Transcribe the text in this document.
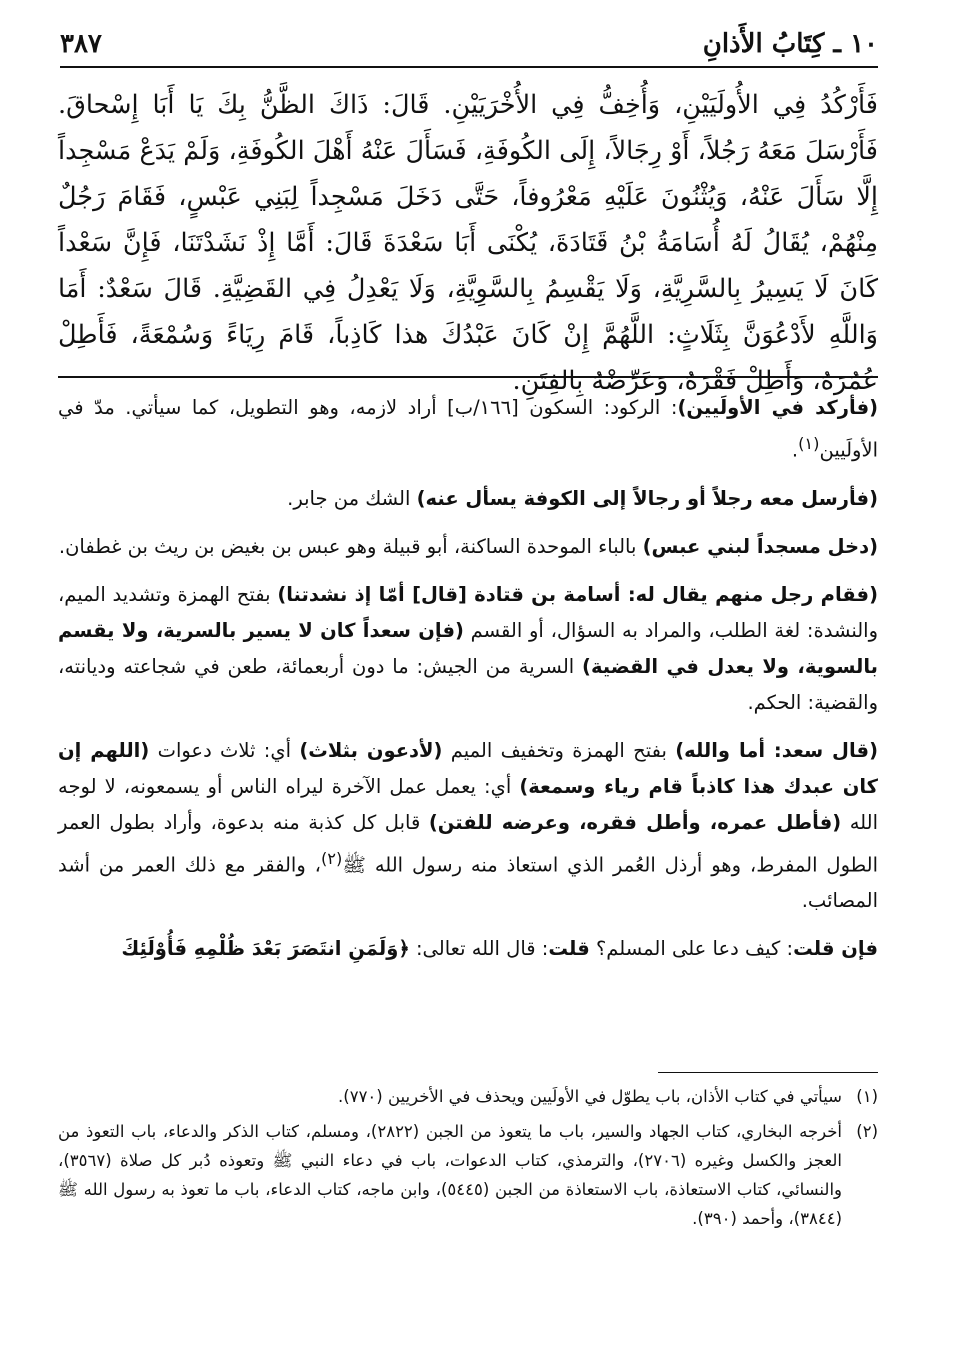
١٠ ـ كِتَابُ الأَذانِ
٣٨٧

فَأَرْكُدُ فِي الأُولَيَيْنِ، وَأُخِفُّ فِي الأُخْرَيَيْنِ. قَالَ: ذَاكَ الظَّنُّ بِكَ يَا أَبَا إِسْحاقَ. فَأَرْسَلَ مَعَهُ رَجُلاً، أَوْ رِجَالاً، إِلَى الكُوفَةِ، فَسَأَلَ عَنْهُ أَهْلَ الكُوفَةِ، وَلَمْ يَدَعْ مَسْجِداً إِلَّا سَأَلَ عَنْهُ، وَيُثْنُونَ عَلَيْهِ مَعْرُوفاً، حَتَّى دَخَلَ مَسْجِداً لِبَنِي عَبْسٍ، فَقَامَ رَجُلٌ مِنْهُمْ، يُقَالُ لَهُ أُسَامَةُ بْنُ قَتَادَةَ، يُكْنَى أَبَا سَعْدَةَ قَالَ: أَمَّا إِذْ نَشَدْتَنَا، فَإِنَّ سَعْداً كَانَ لَا يَسِيرُ بِالسَّرِيَّةِ، وَلَا يَقْسِمُ بِالسَّوِيَّةِ، وَلَا يَعْدِلُ فِي القَضِيَّةِ. قَالَ سَعْدٌ: أَمَا وَاللَّهِ لأَدْعُوَنَّ بِثَلَاثٍ: اللَّهُمَّ إِنْ كَانَ عَبْدُكَ هذا كَاذِباً، قَامَ رِيَاءً وَسُمْعَةً، فَأَطِلْ عُمُرَهُ، وَأَطِلْ فَقْرَهُ، وَعَرِّضْهُ بِالفِتَنِ.

(فأركد في الأولَيين): الركود: السكون [١٦٦/ب] أراد لازمه، وهو التطويل، كما سيأتي. مدّ في الأولَيين$^{(١)}$.

(فأرسل معه رجلاً أو رجالاً إلى الكوفة يسأل عنه) الشك من جابر.

(دخل مسجداً لبني عبس) بالباء الموحدة الساكنة، أبو قبيلة وهو عبس بن بغيض بن ريث بن غطفان.

(فقام رجل منهم يقال له: أسامة بن قتادة [قال] أمّا إذ نشدتنا) بفتح الهمزة وتشديد الميم، والنشدة: لغة الطلب، والمراد به السؤال، أو القسم (فإن سعداً كان لا يسير بالسرية، ولا يقسم بالسوية، ولا يعدل في القضية) السرية من الجيش: ما دون أربعمائة، طعن في شجاعته وديانته، والقضية: الحكم.

(قال سعد: أما والله) بفتح الهمزة وتخفيف الميم (لأدعون بثلاث) أي: ثلاث دعوات (اللهم إن كان عبدك هذا كاذباً قام رياء وسمعة) أي: يعمل عمل الآخرة ليراه الناس أو يسمعونه، لا لوجه الله (فأطل عمره، وأطل فقره، وعرضه للفتن) قابل كل كذبة منه بدعوة، وأراد بطول العمر الطول المفرط، وهو أرذل العُمر الذي استعاذ منه رسول الله ﷺ$^{(٢)}$، والفقر مع ذلك العمر من أشد المصائب.

فإن قلت: كيف دعا على المسلم؟ قلت: قال الله تعالى: ﴿وَلَمَنِ انتَصَرَ بَعْدَ ظُلْمِهِ فَأُوْلَئِكَ

(١)
سيأتي في كتاب الأذان، باب يطوّل في الأولَيين ويحذف في الأخريين (٧٧٠).
(٢)
أخرجه البخاري، كتاب الجهاد والسير، باب ما يتعوذ من الجبن (٢٨٢٢)، ومسلم، كتاب الذكر والدعاء، باب التعوذ من العجز والكسل وغيره (٢٧٠٦)، والترمذي، كتاب الدعوات، باب في دعاء النبي ﷺ وتعوذه دُبر كل صلاة (٣٥٦٧)، والنسائي، كتاب الاستعاذة، باب الاستعاذة من الجبن (٥٤٤٥)، وابن ماجه، كتاب الدعاء، باب ما تعوذ به رسول الله ﷺ (٣٨٤٤)، وأحمد (٣٩٠).
